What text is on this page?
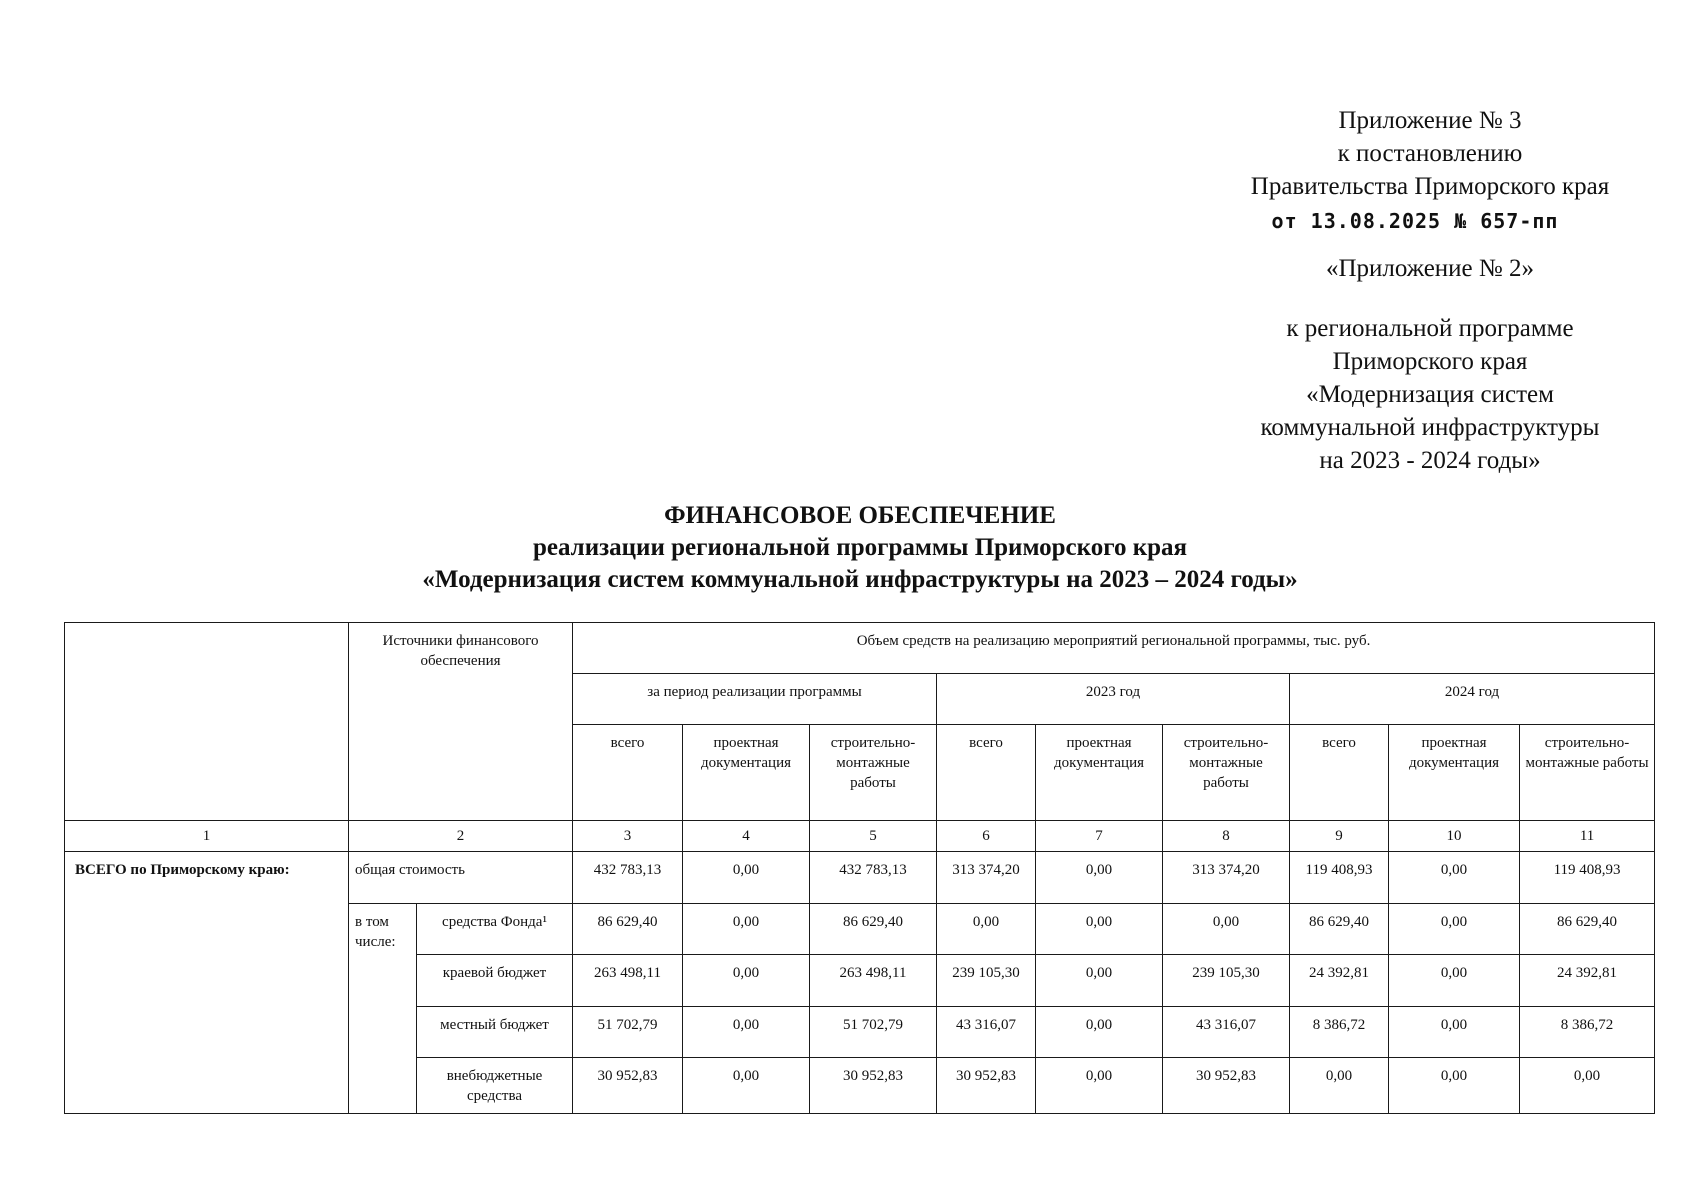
Приложение № 3
к постановлению
Правительства Приморского края
от 13.08.2025 № 657-пп
«Приложение № 2»
к региональной программе
Приморского края
«Модернизация систем
коммунальной инфраструктуры
на 2023 - 2024 годы»
ФИНАНСОВОЕ ОБЕСПЕЧЕНИЕ
реализации региональной программы Приморского края
«Модернизация систем коммунальной инфраструктуры на 2023 – 2024 годы»
	Источники финансового обеспечения		Объем средств на реализацию мероприятий региональной программы, тыс. руб.								
			за период реализации программы			2023 год			2024 год		
			всего	проектная документация	строительно-монтажные работы	всего	проектная документация	строительно-монтажные работы	всего	проектная документация	строительно-монтажные работы
1	2		3	4	5	6	7	8	9	10	11
ВСЕГО по Приморскому краю:	общая стоимость		432 783,13	0,00	432 783,13	313 374,20	0,00	313 374,20	119 408,93	0,00	119 408,93
	в том числе:	средства Фонда¹	86 629,40	0,00	86 629,40	0,00	0,00	0,00	86 629,40	0,00	86 629,40
		краевой бюджет	263 498,11	0,00	263 498,11	239 105,30	0,00	239 105,30	24 392,81	0,00	24 392,81
		местный бюджет	51 702,79	0,00	51 702,79	43 316,07	0,00	43 316,07	8 386,72	0,00	8 386,72
		внебюджетные средства	30 952,83	0,00	30 952,83	30 952,83	0,00	30 952,83	0,00	0,00	0,00
